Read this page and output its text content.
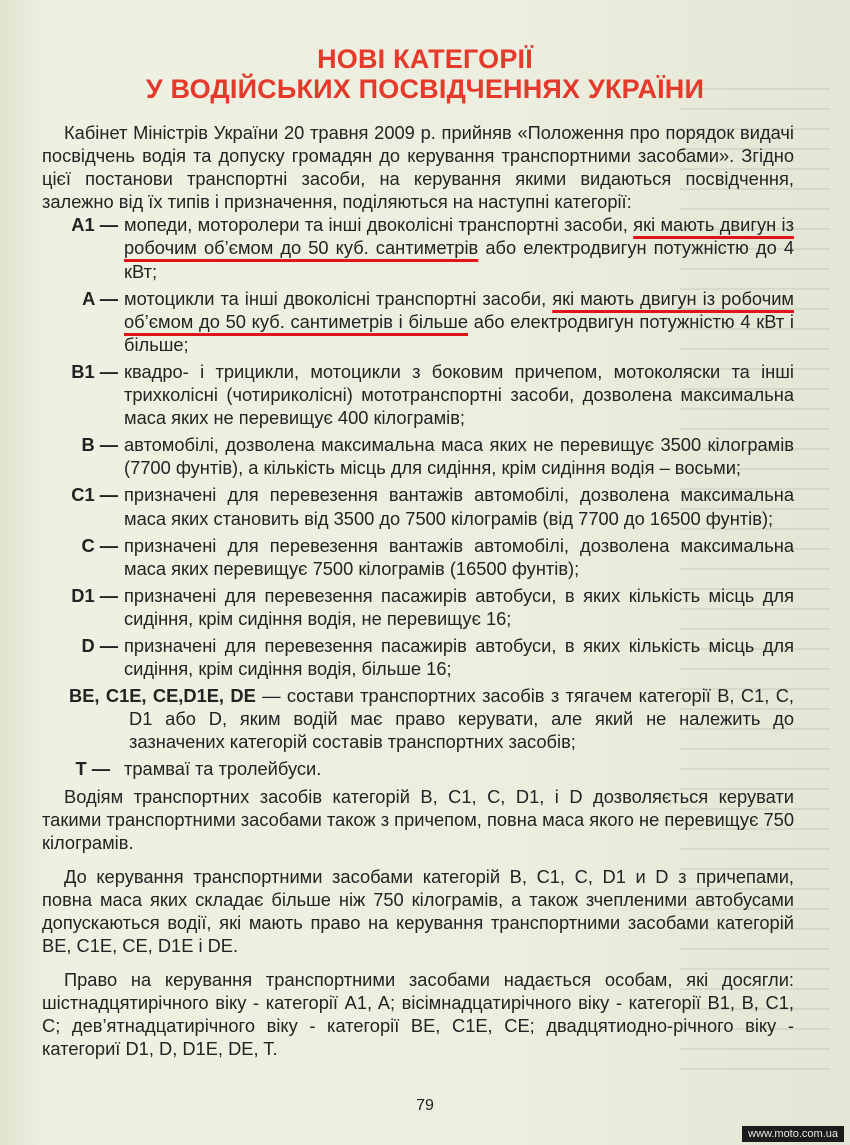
НОВІ КАТЕГОРІЇ
У ВОДІЙСЬКИХ ПОСВІДЧЕННЯХ УКРАЇНИ

Кабінет Міністрів України 20 травня 2009 р. прийняв «Положення про порядок видачі посвідчень водія та допуску громадян до керування транспортними засобами». Згідно цієї постанови транспортні засоби, на керування якими видаються посвідчення, залежно від їх типів і призначення, поділяються на наступні категорії:

A1 — мопеди, моторолери та інші двоколісні транспортні засоби, які мають двигун із робочим об’ємом до 50 куб. сантиметрів або електродвигун потужністю до 4 кВт;
A — мотоцикли та інші двоколісні транспортні засоби, які мають двигун із робочим об’ємом до 50 куб. сантиметрів і більше або електродвигун потужністю 4 кВт і більше;
B1 — квадро- і трицикли, мотоцикли з боковим причепом, мотоколяски та інші трихколісні (чотириколісні) мототранспортні засоби, дозволена максимальна маса яких не перевищує 400 кілограмів;
B — автомобілі, дозволена максимальна маса яких не перевищує 3500 кілограмів (7700 фунтів), а кількість місць для сидіння, крім сидіння водія – восьми;
C1 — призначені для перевезення вантажів автомобілі, дозволена максимальна маса яких становить від 3500 до 7500 кілограмів (від 7700 до 16500 фунтів);
C — призначені для перевезення вантажів автомобілі, дозволена максимальна маса яких перевищує 7500 кілограмів (16500 фунтів);
D1 — призначені для перевезення пасажирів автобуси, в яких кількість місць для сидіння, крім сидіння водія, не перевищує 16;
D — призначені для перевезення пасажирів автобуси, в яких кількість місць для сидіння, крім сидіння водія, більше 16;
BE, C1E, CE,D1E, DE — состави транспортних засобів з тягачем категорії B, C1, C, D1 або D, яким водій має право керувати, але який не належить до зазначених категорій составів транспортних засобів;
T — трамваї та тролейбуси.

Водіям транспортних засобів категорій B, C1, C, D1, і D дозволяється керувати такими транспортними засобами також з причепом, повна маса якого не перевищує 750 кілограмів.

До керування транспортними засобами категорій B, C1, C, D1 и D з причепами, повна маса яких складає більше ніж 750 кілограмів, а також зчепленими автобусами допускаються водії, які мають право на керування транспортними засобами категорій BE, C1E, CE, D1E і DE.

Право на керування транспортними засобами надається особам, які досягли: шістнадцятирічного віку - категорії A1, A; вісімнадцатирічного віку - категорії B1, B, C1, C; дев’ятнадцатирічного віку - категорії BE, C1E, CE; двадцятиодно-річного віку - категориї D1, D, D1E, DE, T.

79
www.moto.com.ua
